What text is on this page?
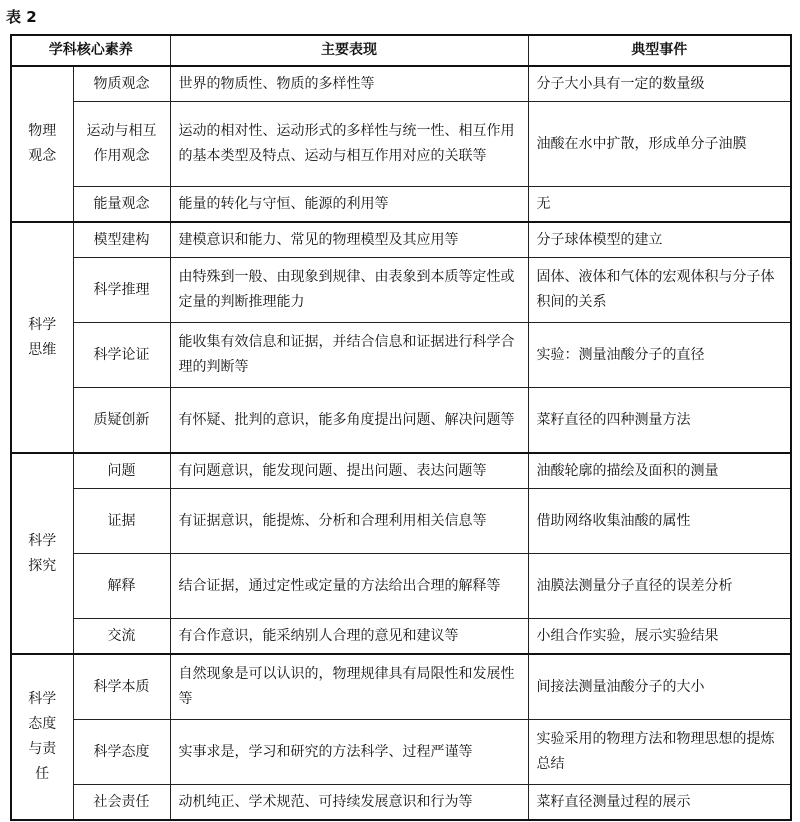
表 2
学科核心素养		主要表现	典型事件
物理观念	物质观念	世界的物质性、物质的多样性等	分子大小具有一定的数量级
	运动与相互作用观念	运动的相对性、运动形式的多样性与统一性、相互作用的基本类型及特点、运动与相互作用对应的关联等	油酸在水中扩散，形成单分子油膜
	能量观念	能量的转化与守恒、能源的利用等	无
科学思维	模型建构	建模意识和能力、常见的物理模型及其应用等	分子球体模型的建立
	科学推理	由特殊到一般、由现象到规律、由表象到本质等定性或定量的判断推理能力	固体、液体和气体的宏观体积与分子体积间的关系
	科学论证	能收集有效信息和证据，并结合信息和证据进行科学合理的判断等	实验：测量油酸分子的直径
	质疑创新	有怀疑、批判的意识，能多角度提出问题、解决问题等	菜籽直径的四种测量方法
科学探究	问题	有问题意识，能发现问题、提出问题、表达问题等	油酸轮廓的描绘及面积的测量
	证据	有证据意识，能提炼、分析和合理利用相关信息等	借助网络收集油酸的属性
	解释	结合证据，通过定性或定量的方法给出合理的解释等	油膜法测量分子直径的误差分析
	交流	有合作意识，能采纳别人合理的意见和建议等	小组合作实验，展示实验结果
科学态度与责任	科学本质	自然现象是可以认识的，物理规律具有局限性和发展性等	间接法测量油酸分子的大小
	科学态度	实事求是，学习和研究的方法科学、过程严谨等	实验采用的物理方法和物理思想的提炼总结
	社会责任	动机纯正、学术规范、可持续发展意识和行为等	菜籽直径测量过程的展示
